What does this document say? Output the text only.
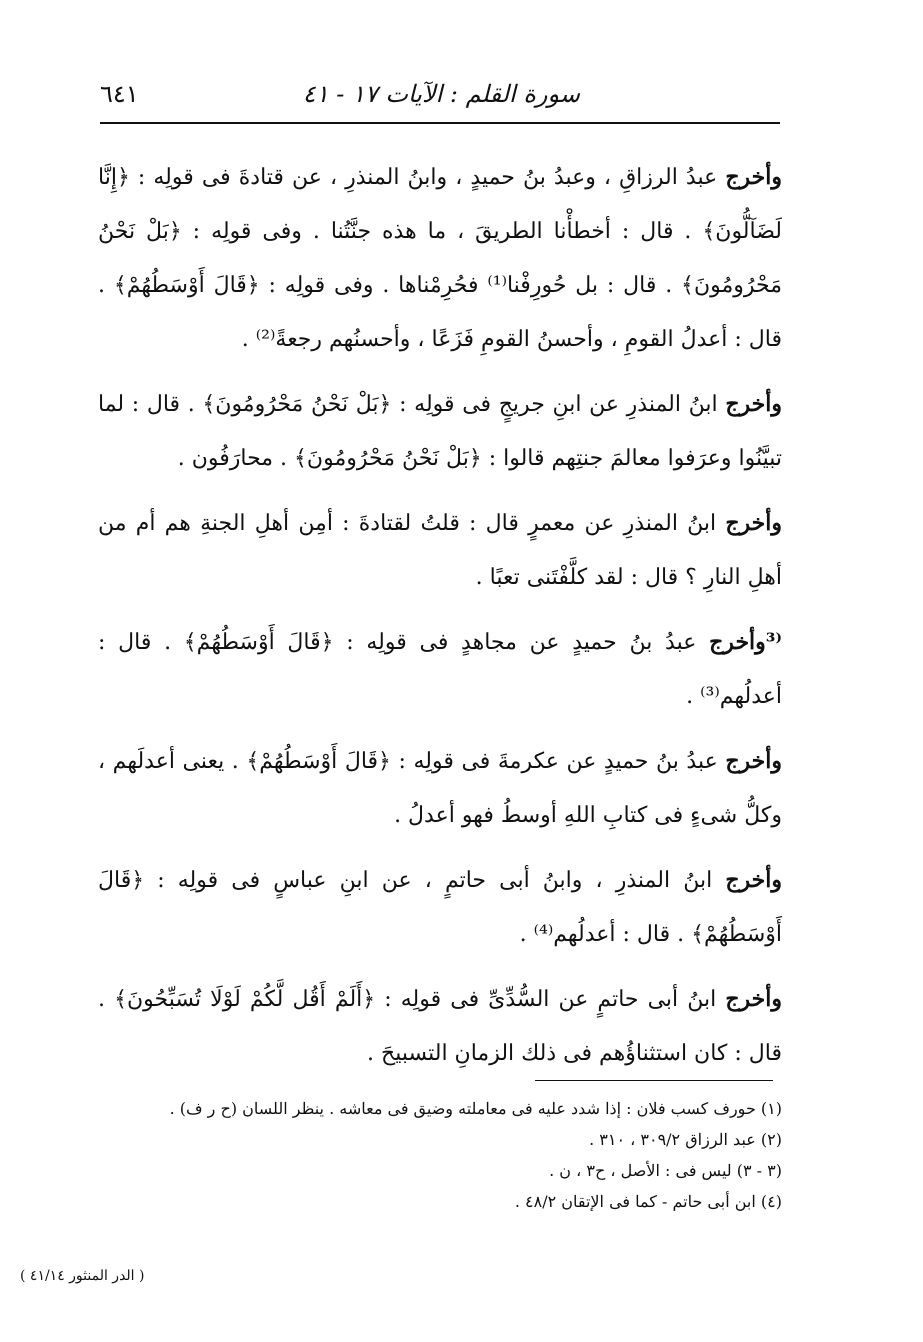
سورة القلم : الآيات ١٧ - ٤١
٦٤١

وأخرج عبدُ الرزاقِ ، وعبدُ بنُ حميدٍ ، وابنُ المنذرِ ، عن قتادةَ فى قولِه : ﴿إِنَّا لَضَآلُّونَ﴾ . قال : أخطأْنا الطريقَ ، ما هذه جنَّتُنا . وفى قولِه : ﴿بَلْ نَحْنُ مَحْرُومُونَ﴾ . قال : بل حُورِفْنا⁽¹⁾ فحُرِمْناها . وفى قولِه : ﴿قَالَ أَوْسَطُهُمْ﴾ . قال : أعدلُ القومِ ، وأحسنُ القومِ فَزَعًا ، وأحسنُهم رجعةً⁽²⁾ .

وأخرج ابنُ المنذرِ عن ابنِ جريجٍ فى قولِه : ﴿بَلْ نَحْنُ مَحْرُومُونَ﴾ . قال : لما تبيَّنُوا وعرَفوا معالمَ جنتِهم قالوا : ﴿بَلْ نَحْنُ مَحْرُومُونَ﴾ . محارَفُون .

وأخرج ابنُ المنذرِ عن معمرٍ قال : قلتُ لقتادةَ : أمِن أهلِ الجنةِ هم أم من أهلِ النارِ ؟ قال : لقد كلَّفْتَنى تعبًا .

⁽³وأخرج عبدُ بنُ حميدٍ عن مجاهدٍ فى قولِه : ﴿قَالَ أَوْسَطُهُمْ﴾ . قال : أعدلُهم⁽³⁾ .

وأخرج عبدُ بنُ حميدٍ عن عكرمةَ فى قولِه : ﴿قَالَ أَوْسَطُهُمْ﴾ . يعنى أعدلَهم ، وكلُّ شىءٍ فى كتابِ اللهِ أوسطُ فهو أعدلُ .

وأخرج ابنُ المنذرِ ، وابنُ أبى حاتمٍ ، عن ابنِ عباسٍ فى قولِه : ﴿قَالَ أَوْسَطُهُمْ﴾ . قال : أعدلُهم⁽⁴⁾ .

وأخرج ابنُ أبى حاتمٍ عن السُّدِّىِّ فى قولِه : ﴿أَلَمْ أَقُل لَّكُمْ لَوْلَا تُسَبِّحُونَ﴾ . قال : كان استثناؤُهم فى ذلك الزمانِ التسبيحَ .

(١) حورف كسب فلان : إذا شدد عليه فى معاملته وضيق فى معاشه . ينظر اللسان (ح ر ف) .

(٢) عبد الرزاق ٣٠٩/٢ ، ٣١٠ .

(٣ - ٣) ليس فى : الأصل ، ح٣ ، ن .

(٤) ابن أبى حاتم - كما فى الإتقان ٤٨/٢ .

( الدر المنثور ٤١/١٤ )
